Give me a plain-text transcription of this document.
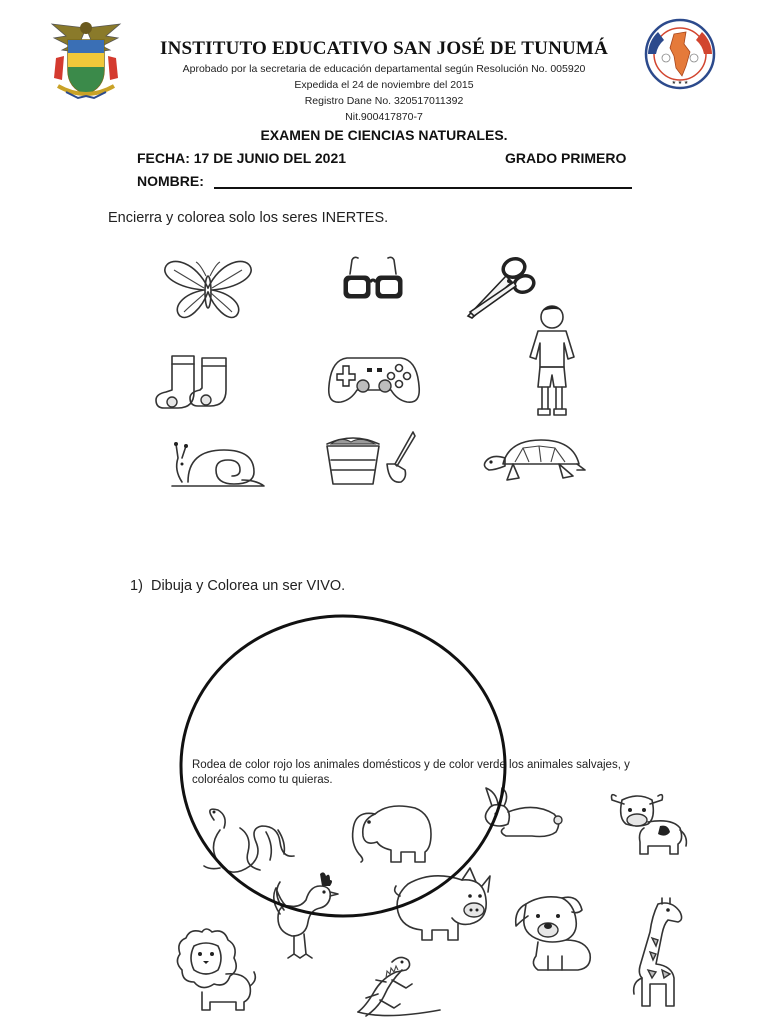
★ ★ ★
INSTITUTO EDUCATIVO SAN JOSÉ DE TUNUMÁ
Aprobado por la secretaria de educación departamental según Resolución No. 005920
Expedida el 24 de noviembre del 2015
Registro Dane No. 320517011392
Nit.900417870-7
EXAMEN DE CIENCIAS NATURALES.
FECHA: 17 DE JUNIO DEL 2021	GRADO PRIMERO
NOMBRE:
Encierra y colorea solo los seres INERTES.
1) Dibuja y Colorea un ser VIVO.
Rodea de color rojo los animales domésticos y de color verde los animales salvajes, y coloréalos como tu quieras.
